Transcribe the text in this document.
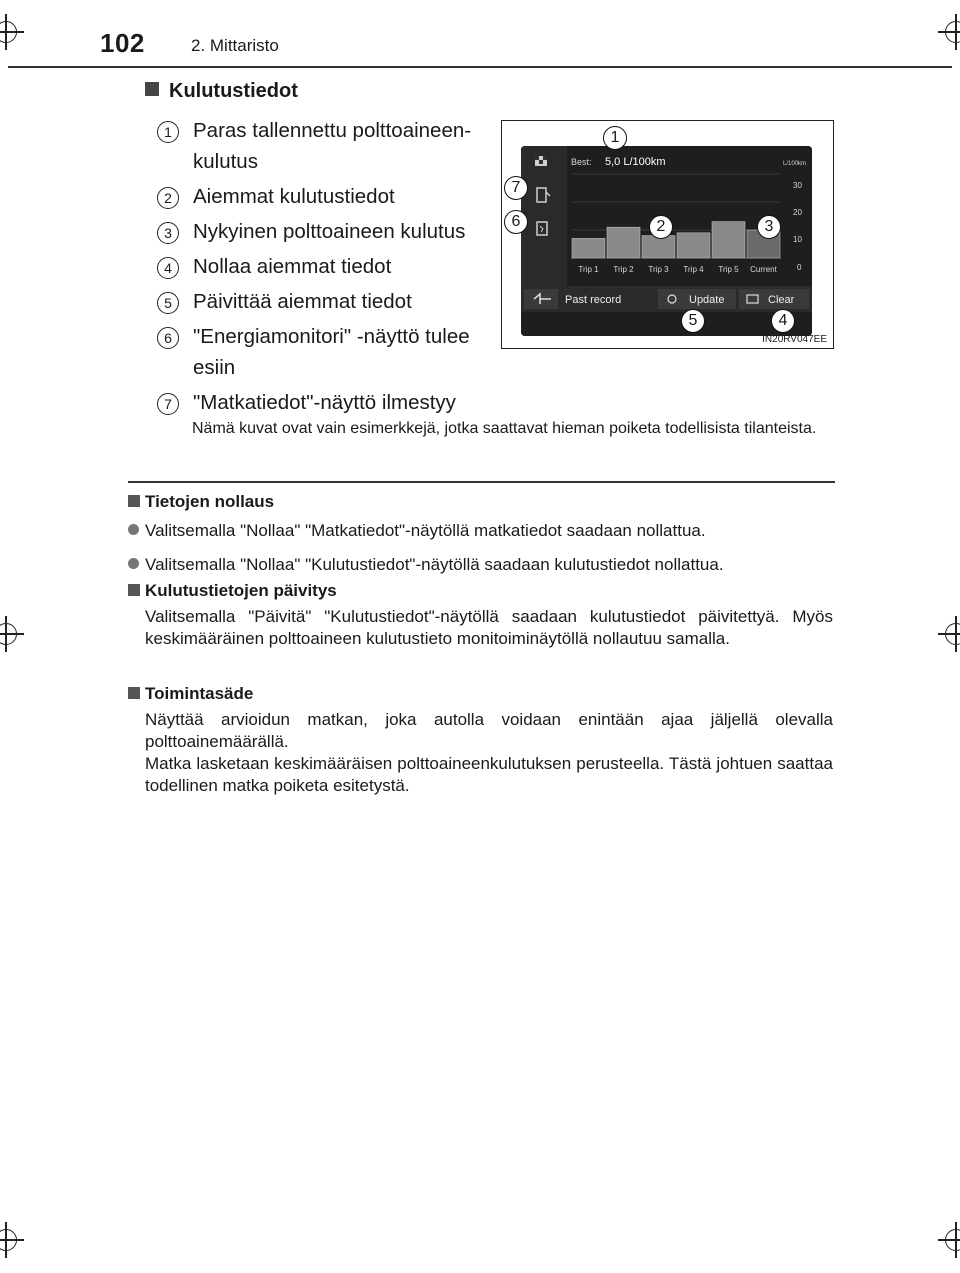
102	2. Mittaristo
Kulutustiedot
1	Paras tallennettu polttoaineen-kulutus
2	Aiemmat kulutustiedot
3	Nykyinen polttoaineen kulutus
4	Nollaa aiemmat tiedot
5	Päivittää aiemmat tiedot
6	"Energiamonitori" -näyttö tulee esiin
7	"Matkatiedot"-näyttö ilmestyy
Best: 5,0 L/100km	L/100km
30
20
10
0
Trip 1 Trip 2 Trip 3 Trip 4 Trip 5 Current
Past record	Update	Clear
1
2	3
4
5
6
7
IN20RV047EE
Nämä kuvat ovat vain esimerkkejä, jotka saattavat hieman poiketa todellisista tilanteista.
Tietojen nollaus
Valitsemalla "Nollaa" "Matkatiedot"-näytöllä matkatiedot saadaan nollattua.
Valitsemalla "Nollaa" "Kulutustiedot"-näytöllä saadaan kulutustiedot nollattua.
Kulutustietojen päivitys
Valitsemalla "Päivitä" "Kulutustiedot"-näytöllä saadaan kulutustiedot päivitettyä. Myös keskimääräinen polttoaineen kulutustieto monitoiminäytöllä nollautuu samalla.
Toimintasäde
Näyttää arvioidun matkan, joka autolla voidaan enintään ajaa jäljellä olevalla polttoainemäärällä.
Matka lasketaan keskimääräisen polttoaineenkulutuksen perusteella. Tästä johtuen saattaa todellinen matka poiketa esitetystä.
